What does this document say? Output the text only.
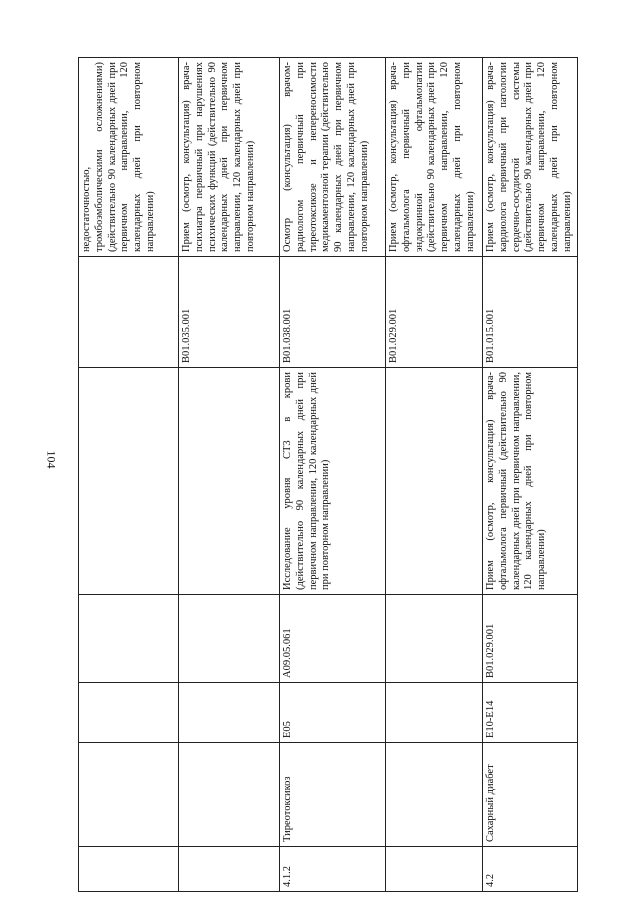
104
						недостаточностью, тромбоэмболическими осложнениями) (действительно 90 календарных дней при первичном направлении, 120 календарных дней при повторном направлении)
					B01.035.001	Прием (осмотр, консультация) врача-психиатра первичный при нарушениях психических функций (действительно 90 календарных дней при первичном направлении, 120 календарных дней при повторном направлении)
4.1.2	Тиреотоксикоз	E05	A09.05.061	Исследование уровня СТ3 в крови (действительно 90 календарных дней при первичном направлении, 120 календарных дней при повторном направлении)	B01.038.001	Осмотр (консультация) врачом-радиологом первичный при тиреотоксикозе и непереносимости медикаментозной терапии (действительно 90 календарных дней при первичном направлении, 120 календарных дней при повторном направлении)
					B01.029.001	Прием (осмотр, консультация) врача-офтальмолога первичный при эндокринной офтальмопатии (действительно 90 календарных дней при первичном направлении, 120 календарных дней при повторном направлении)
4.2	Сахарный диабет	E10-E14	B01.029.001	Прием (осмотр, консультация) врача-офтальмолога первичный (действительно 90 календарных дней при первичном направлении, 120 календарных дней при повторном направлении)	B01.015.001	Прием (осмотр, консультация) врача-кардиолога первичный при патологии сердечно-сосудистой системы (действительно 90 календарных дней при первичном направлении, 120 календарных дней при повторном направлении)
